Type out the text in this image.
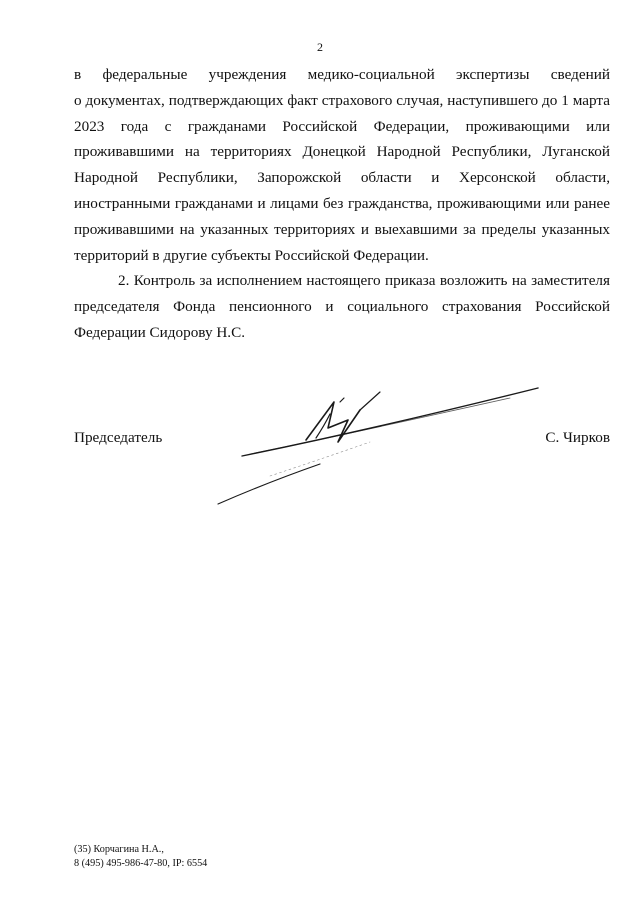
2
в федеральные учреждения медико-социальной экспертизы сведений
о документах, подтверждающих факт страхового случая, наступившего до 1 марта
2023 года с гражданами Российской Федерации, проживающими или
проживавшими на территориях Донецкой Народной Республики, Луганской
Народной Республики, Запорожской области и Херсонской области,
иностранными гражданами и лицами без гражданства, проживающими или ранее
проживавшими на указанных территориях и выехавшими за пределы указанных
территорий в другие субъекты Российской Федерации.
2. Контроль за исполнением настоящего приказа возложить на заместителя
председателя Фонда пенсионного и социального страхования Российской
Федерации Сидорову Н.С.
Председатель	С. Чирков
(35) Корчагина Н.А.,
8 (495) 495-986-47-80, IP: 6554
